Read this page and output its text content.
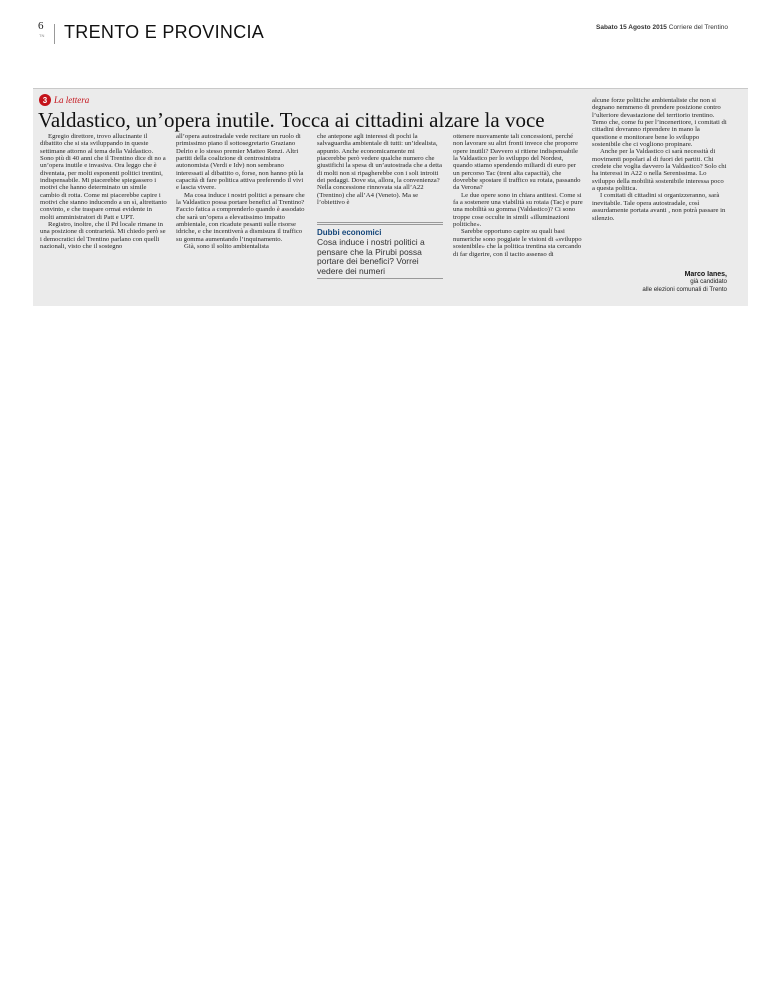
6
TN TRENTO E PROVINCIA	Sabato 15 Agosto 2015 Corriere del Trentino
3 La lettera
Valdastico, un’opera inutile. Tocca ai cittadini alzare la voce

Egregio direttore, trovo allucinante il dibattito che si sta sviluppando in queste settimane attorno al tema della Valdastico. Sono più di 40 anni che il Trentino dice di no a un’opera inutile e invasiva. Ora leggo che è diventata, per molti esponenti politici trentini, indispensabile. Mi piacerebbe spiegassero i motivi che hanno determinato un simile cambio di rotta. Come mi piacerebbe capire i motivi che stanno inducendo a un sì, altrettanto convinto, e che traspare ormai evidente in molti amministratori di Patt e UPT.

Registro, inoltre, che il Pd locale rimane in una posizione di contrarietà. Mi chiedo però se i democratici del Trentino parlano con quelli nazionali, visto che il sostegno

all’opera autostradale vede recitare un ruolo di primissimo piano il sottosegretario Graziano Delrio e lo stesso premier Matteo Renzi. Altri partiti della coalizione di centrosinistra autonomista (Verdi e Idv) non sembrano interessati al dibattito o, forse, non hanno più la capacità di fare politica attiva preferendo il vivi e lascia vivere.

Ma cosa induce i nostri politici a pensare che la Valdastico possa portare benefici al Trentino? Faccio fatica a comprenderlo quando è assodato che sarà un’opera a elevatissimo impatto ambientale, con ricadute pesanti sulle risorse idriche, e che incentiverà a dismisura il traffico su gomma aumentando l’inquinamento.

Già, sono il solito ambientalista

che antepone agli interessi di pochi la salvaguardia ambientale di tutti: un’idealista, appunto. Anche economicamente mi piacerebbe però vedere qualche numero che giustifichi la spesa di un’autostrada che a detta di molti non si ripagherebbe con i soli introiti dei pedaggi. Dove sta, allora, la convenienza? Nella concessione rinnovata sia all’A22 (Trentino) che all’A4 (Veneto). Ma se l’obiettivo è

Dubbi economici
Cosa induce i nostri politici a pensare che la Pirubi possa portare dei benefici? Vorrei vedere dei numeri

ottenere nuovamente tali concessioni, perché non lavorare su altri fronti invece che proporre opere inutili? Davvero si ritiene indispensabile la Valdastico per lo sviluppo del Nordest, quando stiamo spendendo miliardi di euro per un percorso Tac (treni alta capacità), che dovrebbe spostare il traffico su rotaia, passando da Verona?

Le due opere sono in chiara antitesi. Come si fa a sostenere una viabilità su rotaia (Tac) e pure una mobilità su gomma (Valdastico)? Ci sono troppe cose occulte in simili «illuminazioni politiche».

Sarebbe opportuno capire su quali basi numeriche sono poggiate le visioni di «sviluppo sostenibile» che la politica trentina sta cercando di far digerire, con il tacito assenso di

alcune forze politiche ambientaliste che non si degnano nemmeno di prendere posizione contro l’ulteriore devastazione del territorio trentino. Temo che, come fu per l’inceneritore, i comitati di cittadini dovranno riprendere in mano la questione e monitorare bene lo sviluppo sostenibile che ci vogliono propinare.

Anche per la Valdastico ci sarà necessità di movimenti popolari al di fuori dei partiti. Chi credete che voglia davvero la Valdastico? Solo chi ha interessi in A22 o nella Serenissima. Lo sviluppo della mobilità sostenibile interessa poco a questa politica.

I comitati di cittadini si organizzeranno, sarà inevitabile. Tale opera autostradale, così assurdamente portata avanti , non potrà passare in silenzio.

Marco Ianes,
già candidato
alle elezioni comunali di Trento
